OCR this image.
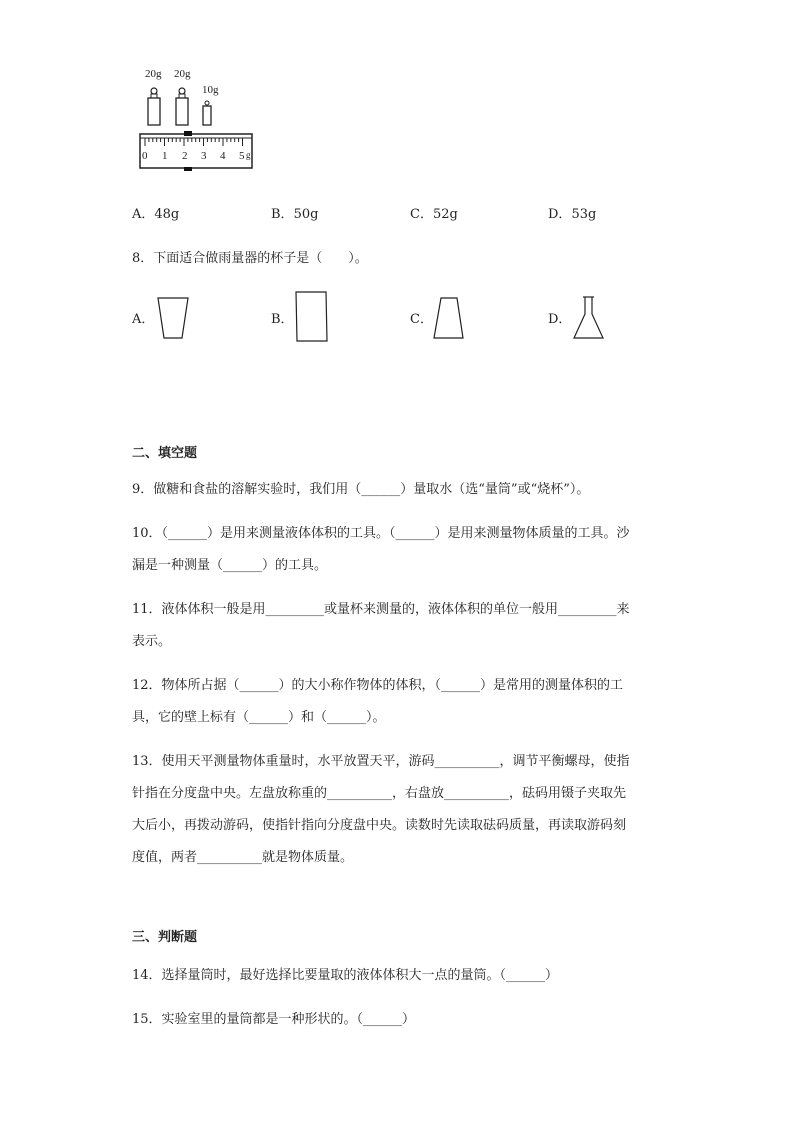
20g 20g
10g
0 1 2 3 4 5 g
A．48g	B．50g	C．52g	D．53g
8．下面适合做雨量器的杯子是（　　）。
A．	B．	C．	D．
二、填空题
9．做糖和食盐的溶解实验时，我们用（______）量取水（选“量筒”或“烧杯”）。
10．（______）是用来测量液体体积的工具。（______）是用来测量物体质量的工具。沙
漏是一种测量（______）的工具。
11．液体体积一般是用_________或量杯来测量的，液体体积的单位一般用_________来
表示。
12．物体所占据（______）的大小称作物体的体积，（______）是常用的测量体积的工
具，它的壁上标有（______）和（______）。
13．使用天平测量物体重量时，水平放置天平，游码__________，调节平衡螺母，使指
针指在分度盘中央。左盘放称重的__________，右盘放__________，砝码用镊子夹取先
大后小，再拨动游码，使指针指向分度盘中央。读数时先读取砝码质量，再读取游码刻
度值，两者__________就是物体质量。
三、判断题
14．选择量筒时，最好选择比要量取的液体体积大一点的量筒。（______）
15．实验室里的量筒都是一种形状的。（______）
